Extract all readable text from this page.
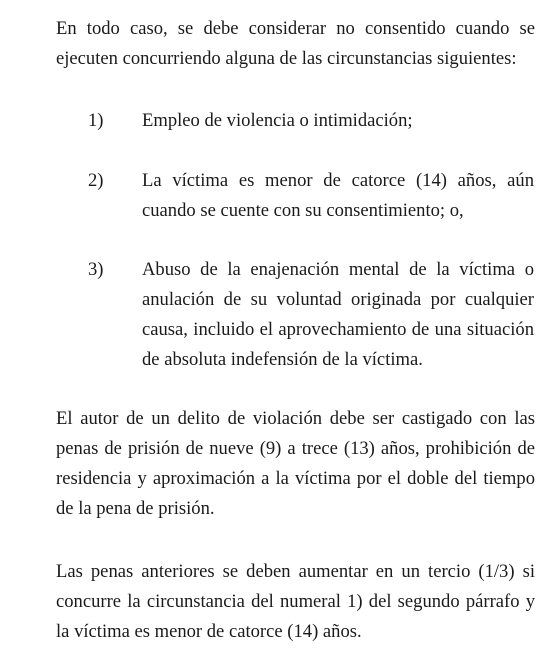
En todo caso, se debe considerar no consentido cuando se ejecuten concurriendo alguna de las circunstancias siguientes:

1)	Empleo de violencia o intimidación;

2)	La víctima es menor de catorce (14) años, aún cuando se cuente con su consentimiento; o,

3)	Abuso de la enajenación mental de la víctima o anulación de su voluntad originada por cualquier causa, incluido el aprovechamiento de una situación de absoluta indefensión de la víctima.

El autor de un delito de violación debe ser castigado con las penas de prisión de nueve (9) a trece (13) años, prohibición de residencia y aproximación a la víctima por el doble del tiempo de la pena de prisión.

Las penas anteriores se deben aumentar en un tercio (1/3) si concurre la circunstancia del numeral 1) del segundo párrafo y la víctima es menor de catorce (14) años.
